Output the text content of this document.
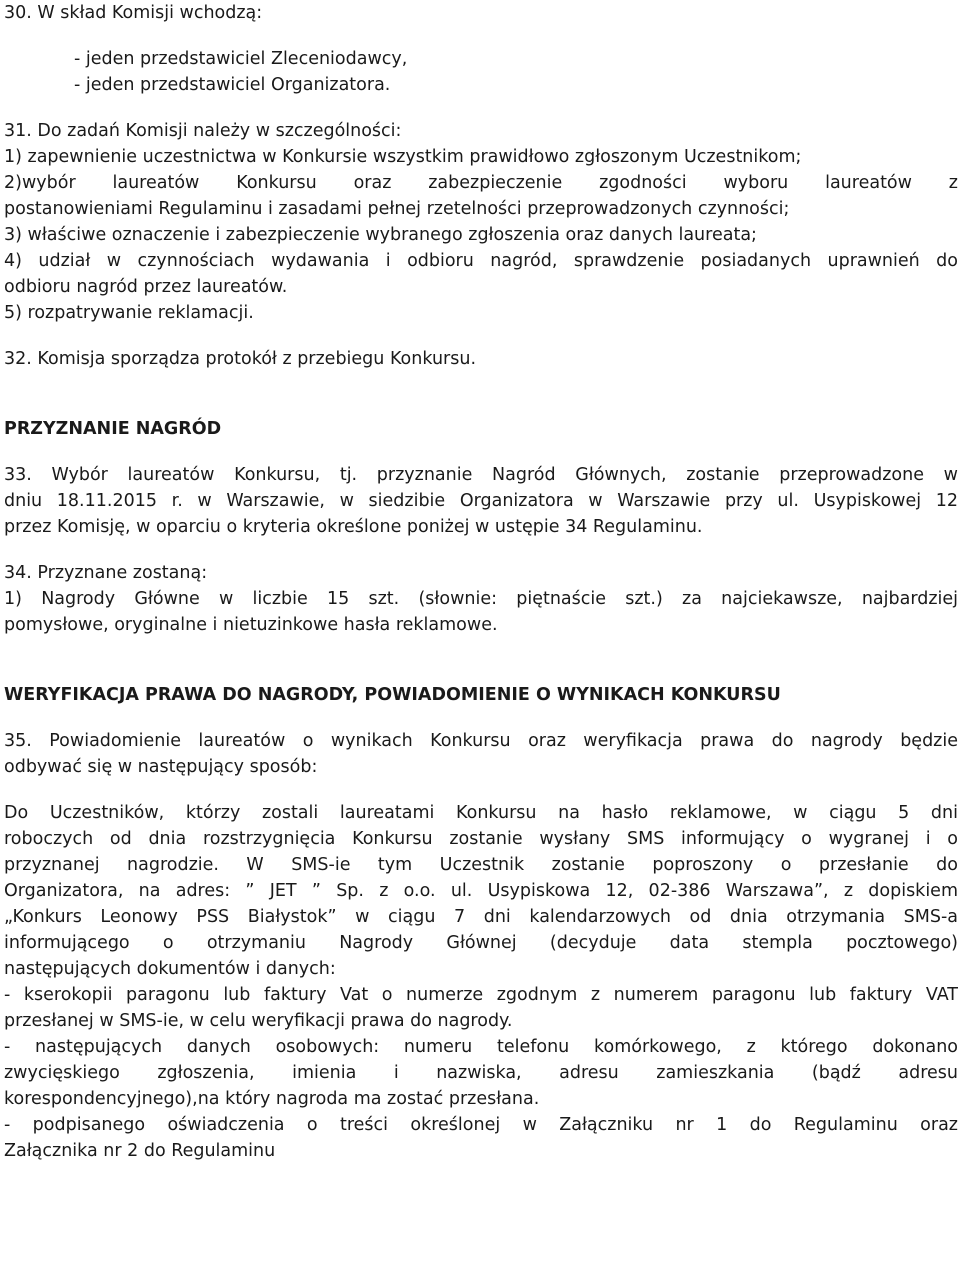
30. W skład Komisji wchodzą:
- jeden przedstawiciel Zleceniodawcy,
- jeden przedstawiciel Organizatora.
31. Do zadań Komisji należy w szczególności:
1) zapewnienie uczestnictwa w Konkursie wszystkim prawidłowo zgłoszonym Uczestnikom;
2)wybór laureatów Konkursu oraz zabezpieczenie zgodności wyboru laureatów z
postanowieniami Regulaminu i zasadami pełnej rzetelności przeprowadzonych czynności;
3) właściwe oznaczenie i zabezpieczenie wybranego zgłoszenia oraz danych laureata;
4) udział w czynnościach wydawania i odbioru nagród, sprawdzenie posiadanych uprawnień do
odbioru nagród przez laureatów.
5) rozpatrywanie reklamacji.
32. Komisja sporządza protokół z przebiegu Konkursu.
PRZYZNANIE NAGRÓD
33. Wybór laureatów Konkursu, tj. przyznanie Nagród Głównych, zostanie przeprowadzone w
dniu 18.11.2015 r. w Warszawie, w siedzibie Organizatora w Warszawie przy ul. Usypiskowej 12
przez Komisję, w oparciu o kryteria określone poniżej w ustępie 34 Regulaminu.
34. Przyznane zostaną:
1) Nagrody Główne w liczbie 15 szt. (słownie: piętnaście szt.) za najciekawsze, najbardziej
pomysłowe, oryginalne i nietuzinkowe hasła reklamowe.
WERYFIKACJA PRAWA DO NAGRODY, POWIADOMIENIE O WYNIKACH KONKURSU
35. Powiadomienie laureatów o wynikach Konkursu oraz weryfikacja prawa do nagrody będzie
odbywać się w następujący sposób:
Do Uczestników, którzy zostali laureatami Konkursu na hasło reklamowe, w ciągu 5 dni
roboczych od dnia rozstrzygnięcia Konkursu zostanie wysłany SMS informujący o wygranej i o
przyznanej nagrodzie. W SMS-ie tym Uczestnik zostanie poproszony o przesłanie do
Organizatora, na adres: ” JET ” Sp. z o.o. ul. Usypiskowa 12, 02-386 Warszawa”, z dopiskiem
„Konkurs Leonowy PSS Białystok” w ciągu 7 dni kalendarzowych od dnia otrzymania SMS-a
informującego o otrzymaniu Nagrody Głównej (decyduje data stempla pocztowego)
następujących dokumentów i danych:
- kserokopii paragonu lub faktury Vat o numerze zgodnym z numerem paragonu lub faktury VAT
przesłanej w SMS-ie, w celu weryfikacji prawa do nagrody.
- następujących danych osobowych: numeru telefonu komórkowego, z którego dokonano
zwycięskiego zgłoszenia, imienia i nazwiska, adresu zamieszkania (bądź adresu
korespondencyjnego),na który nagroda ma zostać przesłana.
- podpisanego oświadczenia o treści określonej w Załączniku nr 1 do Regulaminu oraz
Załącznika nr 2 do Regulaminu
